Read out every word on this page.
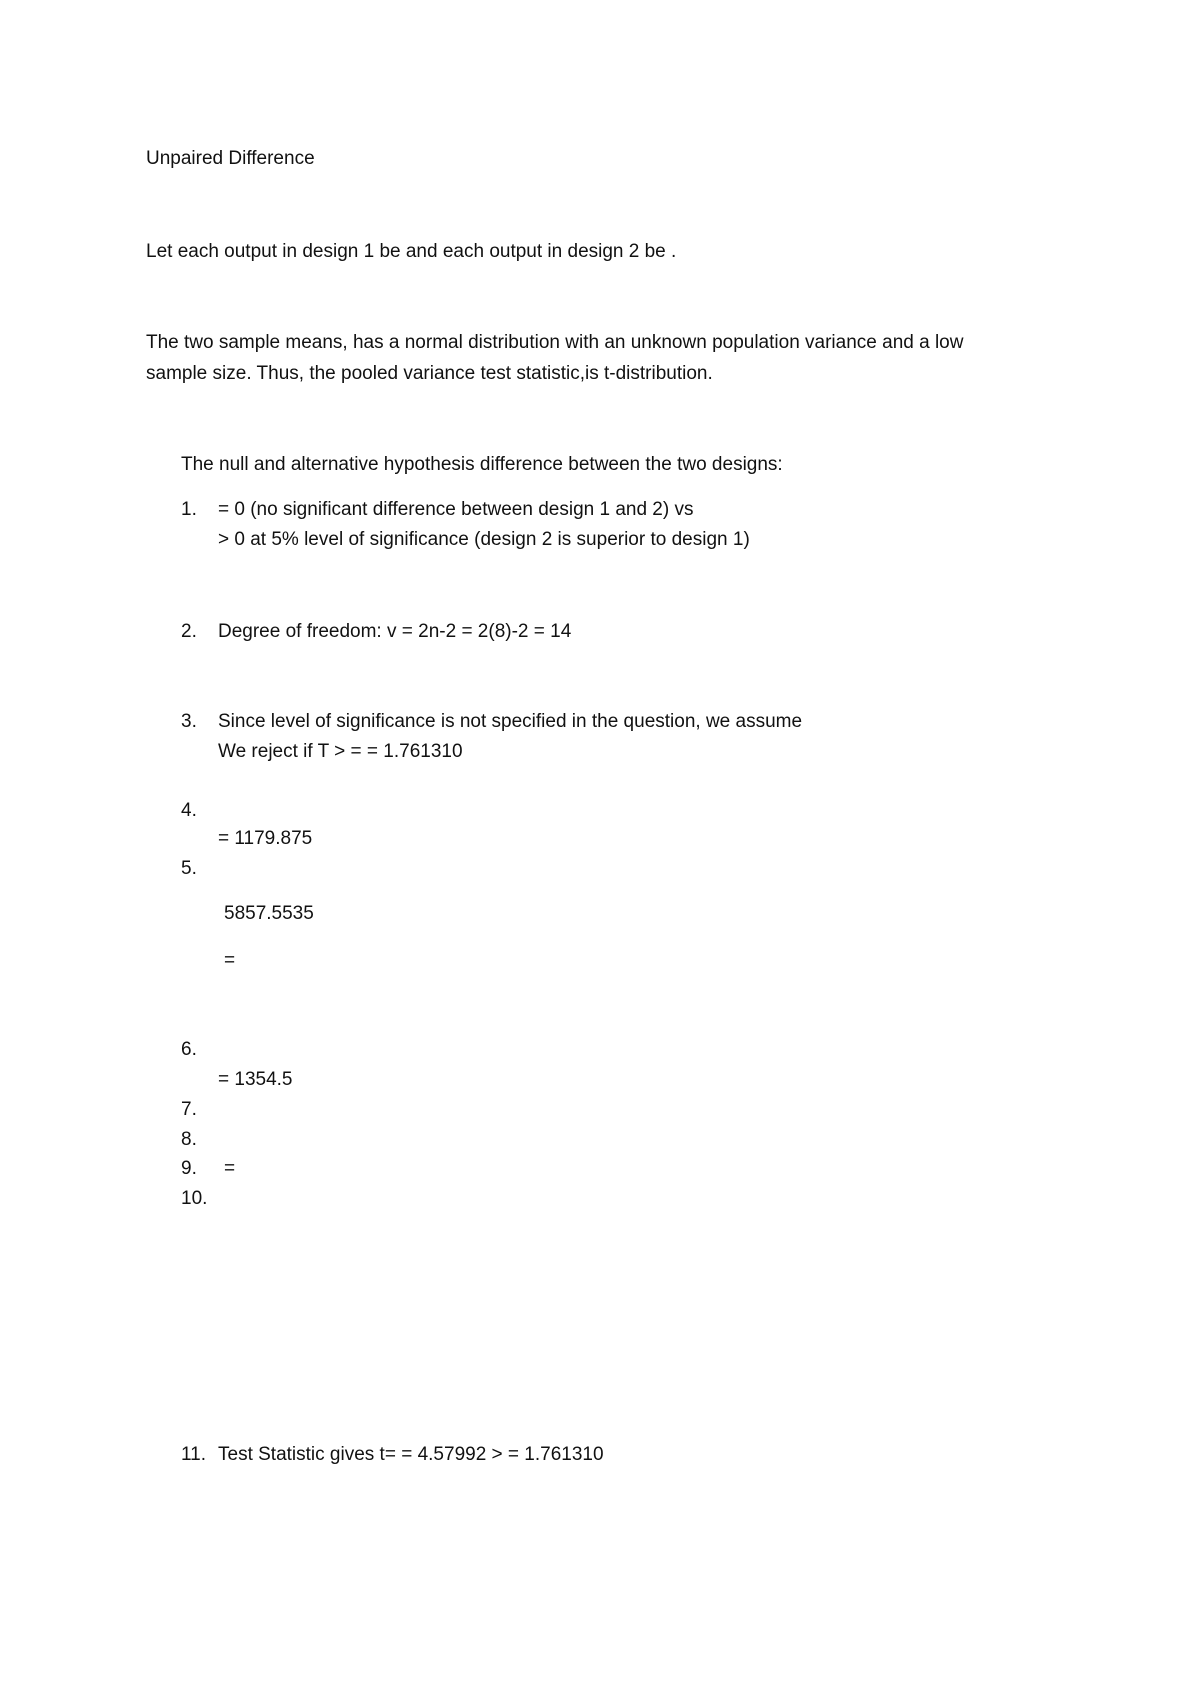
Unpaired Difference
Let each output in design 1 be and each output in design 2 be .
The two sample means, has a normal distribution with an unknown population variance and a low
sample size. Thus, the pooled variance test statistic,is t-distribution.
The null and alternative hypothesis difference between the two designs:
1. = 0 (no significant difference between design 1 and 2) vs
> 0 at 5% level of significance (design 2 is superior to design 1)
2. Degree of freedom: v = 2n-2 = 2(8)-2 = 14
3. Since level of significance is not specified in the question, we assume
We reject if T > = = 1.761310
4.
= 1179.875
5.
5857.5535
=
6.
= 1354.5
7.
8.
9. =
10.
11. Test Statistic gives t= = 4.57992 > = 1.761310
